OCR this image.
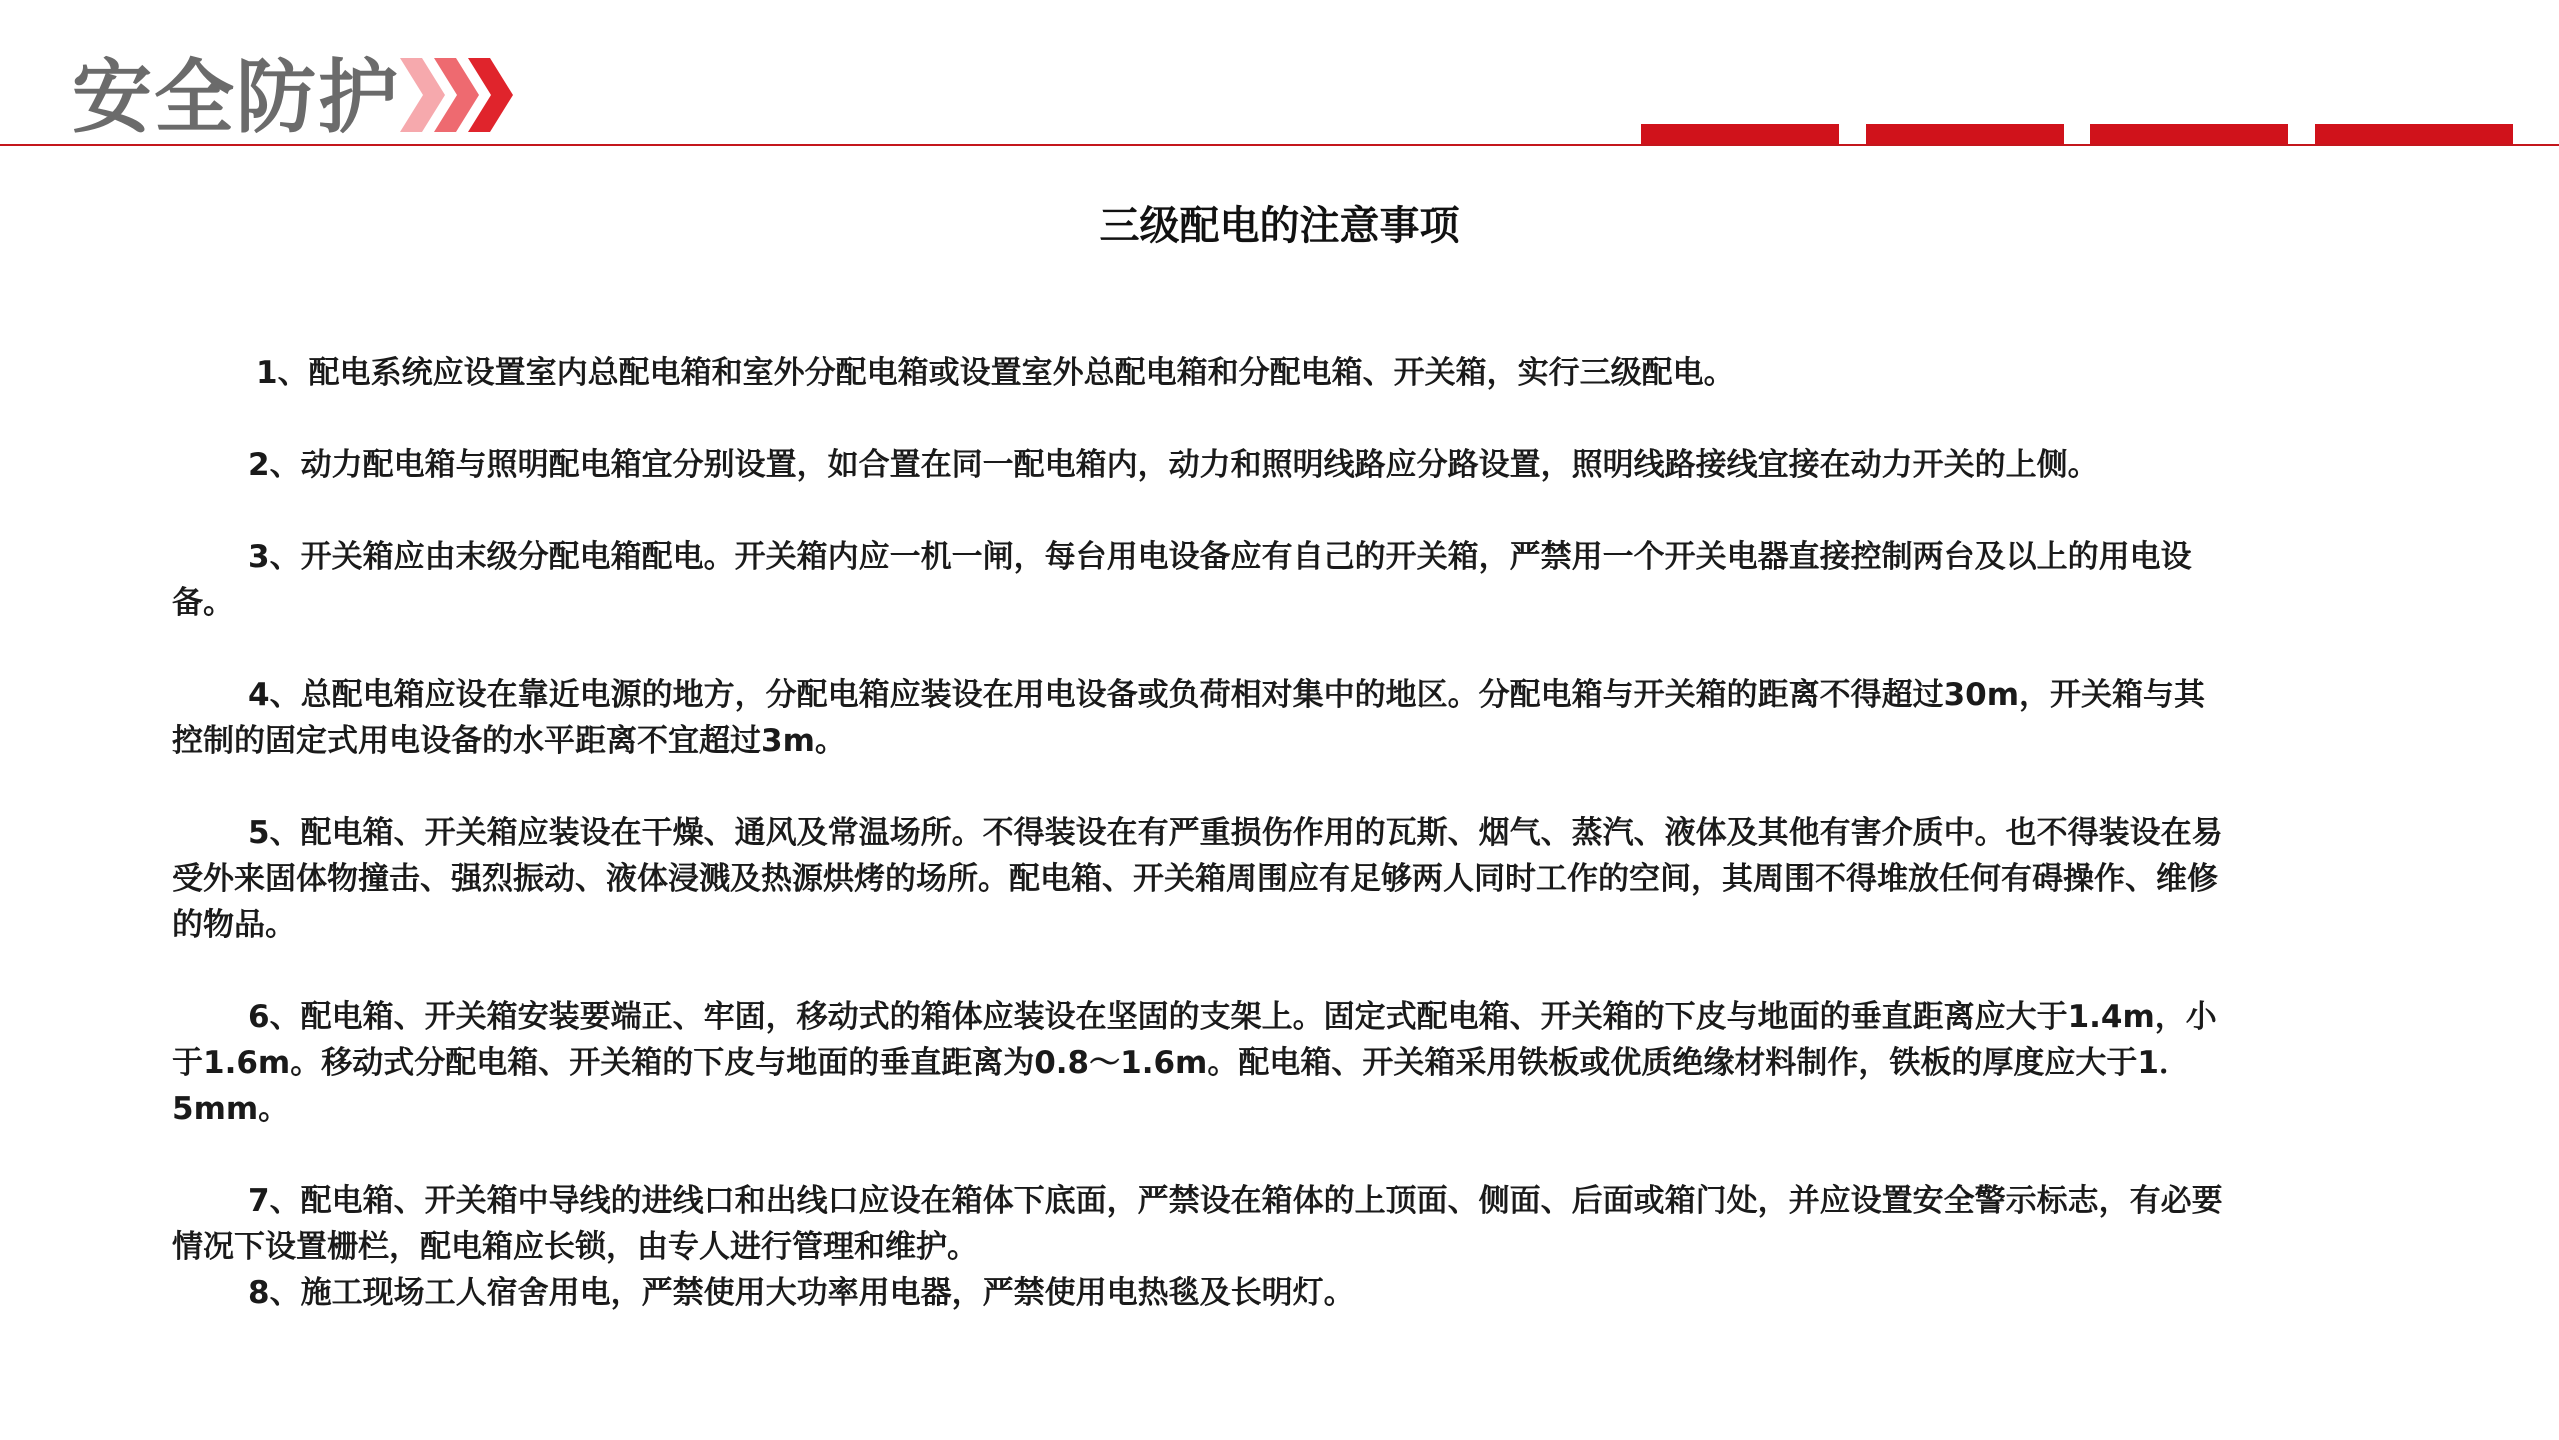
安全防护
三级配电的注意事项

1、配电系统应设置室内总配电箱和室外分配电箱或设置室外总配电箱和分配电箱、开关箱，实行三级配电。

2、动力配电箱与照明配电箱宜分别设置，如合置在同一配电箱内，动力和照明线路应分路设置，照明线路接线宜接在动力开关的上侧。

3、开关箱应由末级分配电箱配电。开关箱内应一机一闸，每台用电设备应有自己的开关箱，严禁用一个开关电器直接控制两台及以上的用电设备。

4、总配电箱应设在靠近电源的地方，分配电箱应装设在用电设备或负荷相对集中的地区。分配电箱与开关箱的距离不得超过30m，开关箱与其控制的固定式用电设备的水平距离不宜超过3m。

5、配电箱、开关箱应装设在干燥、通风及常温场所。不得装设在有严重损伤作用的瓦斯、烟气、蒸汽、液体及其他有害介质中。也不得装设在易受外来固体物撞击、强烈振动、液体浸溅及热源烘烤的场所。配电箱、开关箱周围应有足够两人同时工作的空间，其周围不得堆放任何有碍操作、维修的物品。

6、配电箱、开关箱安装要端正、牢固，移动式的箱体应装设在坚固的支架上。固定式配电箱、开关箱的下皮与地面的垂直距离应大于1.4m，小于1.6m。移动式分配电箱、开关箱的下皮与地面的垂直距离为0.8～1.6m。配电箱、开关箱采用铁板或优质绝缘材料制作，铁板的厚度应大于1．5mm。

7、配电箱、开关箱中导线的进线口和出线口应设在箱体下底面，严禁设在箱体的上顶面、侧面、后面或箱门处，并应设置安全警示标志，有必要情况下设置栅栏，配电箱应长锁，由专人进行管理和维护。

8、施工现场工人宿舍用电，严禁使用大功率用电器，严禁使用电热毯及长明灯。
